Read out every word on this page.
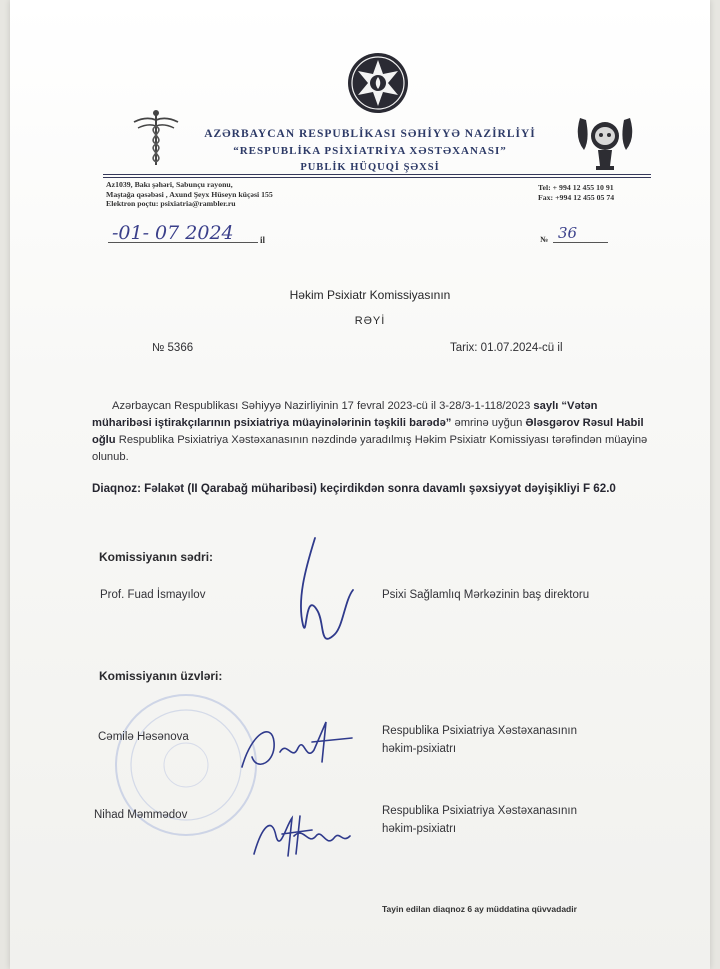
AZƏRBAYCAN RESPUBLİKASI SƏHİYYƏ NAZİRLİYİ
“RESPUBLİKA PSİXİATRİYA XƏSTƏXANASI”
PUBLİK HÜQUQİ ŞƏXSİ
Az1039, Bakı şəhəri, Sabunçu rayonu,
Maştağa qəsəbəsi , Axund Şeyx Hüseyn küçəsi 155
Elektron poçtu: psixiatria@rambler.ru
Tel: + 994 12 455 10 91
Fax: +994 12 455 05 74
-01- 07 2024	il	№ 36
Həkim Psixiatr Komissiyasının
RƏYİ
№ 5366	Tarix: 01.07.2024-cü il
Azərbaycan Respublikası Səhiyyə Nazirliyinin 17 fevral 2023-cü il 3-28/3-1-118/2023 saylı “Vətən müharibəsi iştirakçılarının psixiatriya müayinələrinin təşkili barədə” əmrinə uyğun Ələsgərov Rəsul Habil oğlu Respublika Psixiatriya Xəstəxanasının nəzdində yaradılmış Həkim Psixiatr Komissiyası tərəfindən müayinə olunub.
Diaqnoz: Fəlakət (II Qarabağ müharibəsi) keçirdikdən sonra davamlı şəxsiyyət dəyişikliyi F 62.0
Komissiyanın sədri:
Prof. Fuad İsmayılov	Psixi Sağlamlıq Mərkəzinin baş direktoru
Komissiyanın üzvləri:
Cəmilə Həsənova	Respublika Psixiatriya Xəstəxanasının
həkim-psixiatrı
Nihad Məmmədov	Respublika Psixiatriya Xəstəxanasının
həkim-psixiatrı
Tayin edilan diaqnoz 6 ay müddatina qüvvadadir
